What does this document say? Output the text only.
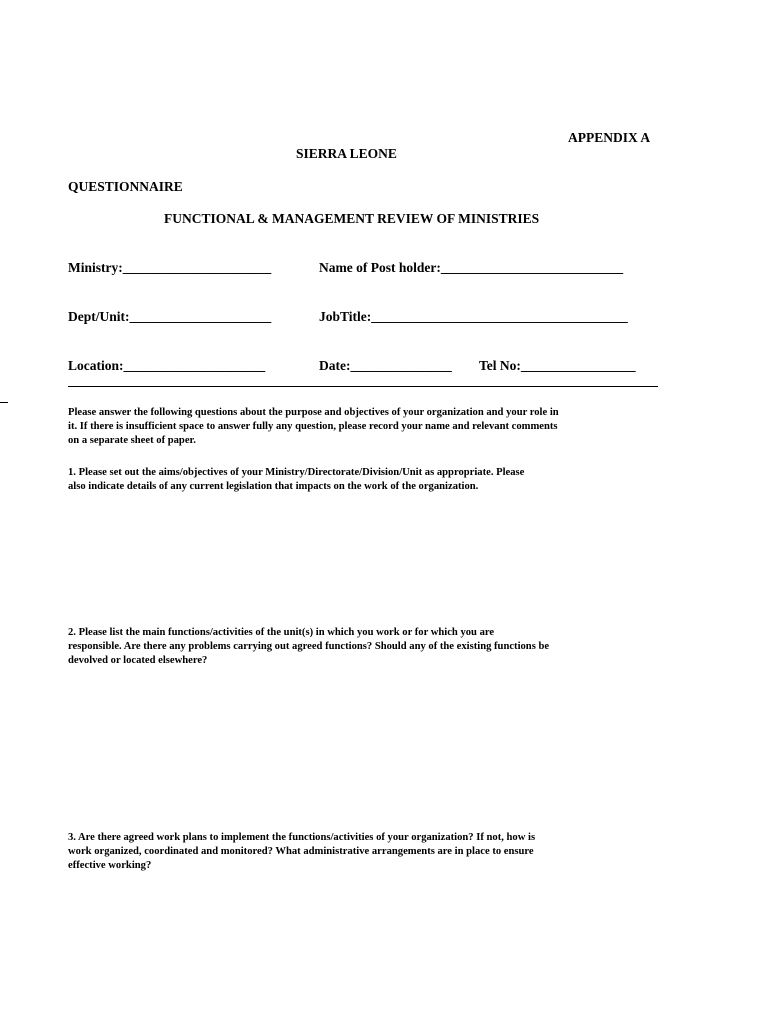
APPENDIX A
SIERRA LEONE
QUESTIONNAIRE
FUNCTIONAL & MANAGEMENT REVIEW OF MINISTRIES
Ministry:______________________	Name of Post holder:___________________________
Dept/Unit:_____________________	JobTitle:______________________________________
Location:_____________________	Date:_______________ Tel No:_________________
Please answer the following questions about the purpose and objectives of your organization and your role in
it. If there is insufficient space to answer fully any question, please record your name and relevant comments
on a separate sheet of paper.
1. Please set out the aims/objectives of your Ministry/Directorate/Division/Unit as appropriate. Please
also indicate details of any current legislation that impacts on the work of the organization.
2. Please list the main functions/activities of the unit(s) in which you work or for which you are
responsible. Are there any problems carrying out agreed functions? Should any of the existing functions be
devolved or located elsewhere?
3. Are there agreed work plans to implement the functions/activities of your organization? If not, how is
work organized, coordinated and monitored? What administrative arrangements are in place to ensure
effective working?
